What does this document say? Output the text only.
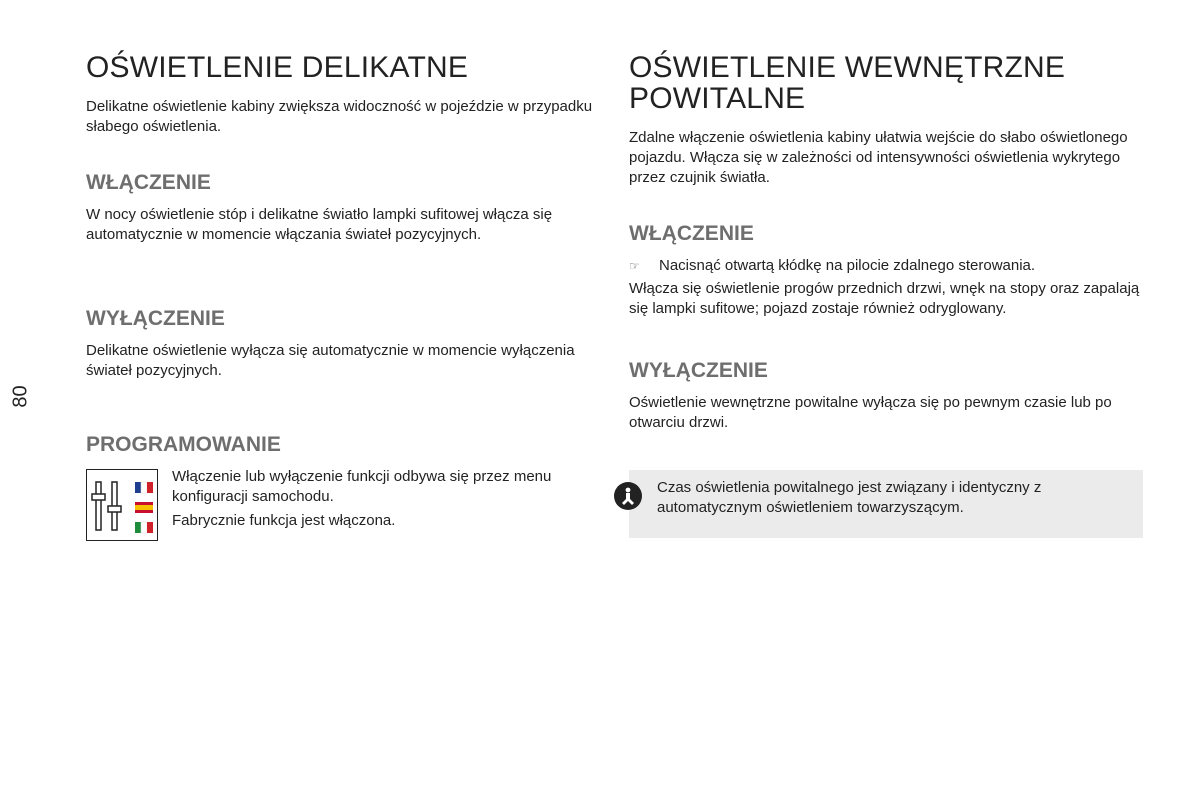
80
OŚWIETLENIE DELIKATNE

Delikatne oświetlenie kabiny zwiększa widoczność w pojeździe w przypadku słabego oświetlenia.

WŁĄCZENIE

W nocy oświetlenie stóp i delikatne światło lampki sufitowej włącza się automatycznie w momencie włączania świateł pozycyjnych.

WYŁĄCZENIE

Delikatne oświetlenie wyłącza się automatycznie w momencie wyłączenia świateł pozycyjnych.

PROGRAMOWANIE

Włączenie lub wyłączenie funkcji odbywa się przez menu konfiguracji samochodu.

Fabrycznie funkcja jest włączona.

OŚWIETLENIE WEWNĘTRZNE POWITALNE

Zdalne włączenie oświetlenia kabiny ułatwia wejście do słabo oświetlonego pojazdu. Włącza się w zależności od intensywności oświetlenia wykrytego przez czujnik światła.

WŁĄCZENIE
☞	Nacisnąć otwartą kłódkę na pilocie zdalnego sterowania.

Włącza się oświetlenie progów przednich drzwi, wnęk na stopy oraz zapalają się lampki sufitowe; pojazd zostaje również odryglowany.

WYŁĄCZENIE

Oświetlenie wewnętrzne powitalne wyłącza się po pewnym czasie lub po otwarciu drzwi.

Czas oświetlenia powitalnego jest związany i identyczny z automatycznym oświetleniem towarzyszącym.
